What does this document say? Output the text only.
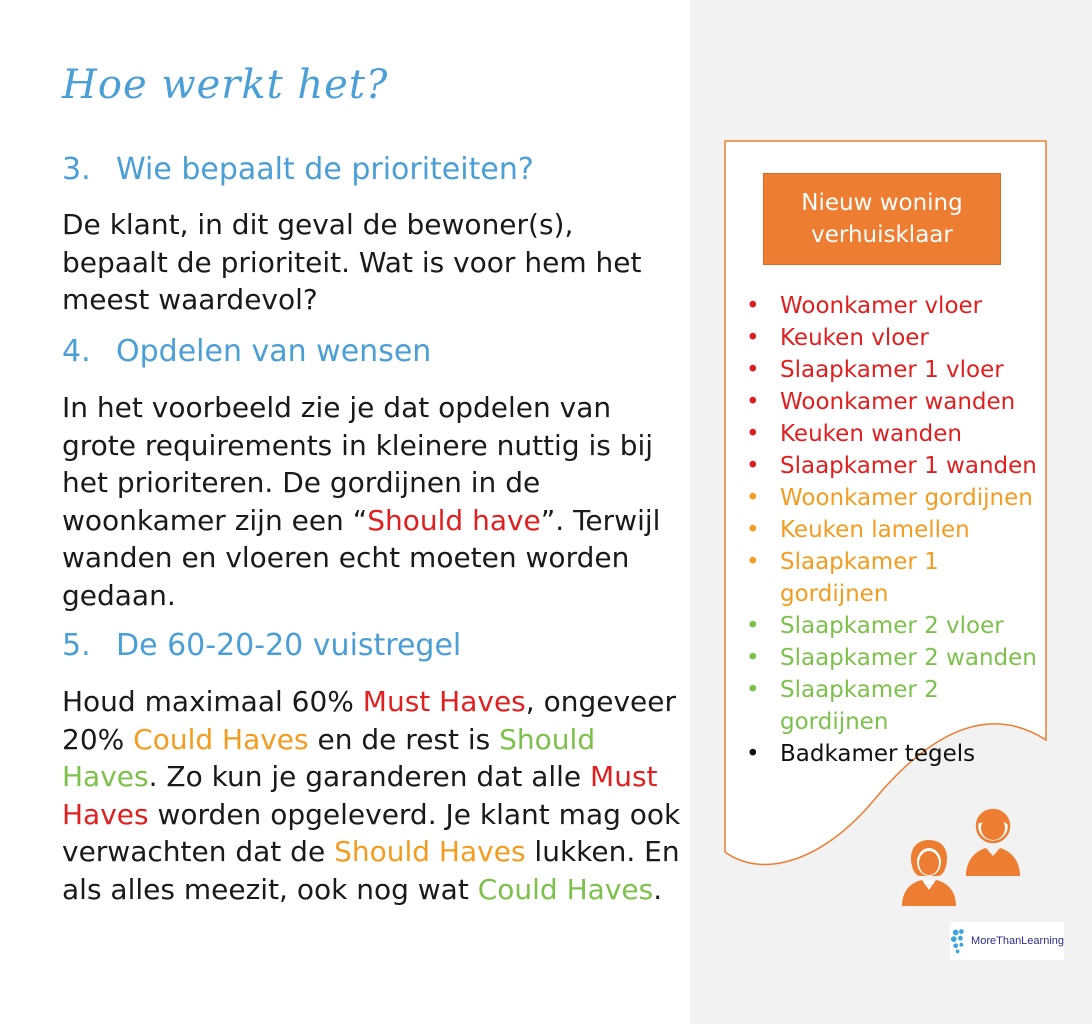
Hoe werkt het?
3. Wie bepaalt de prioriteiten?

De klant, in dit geval de bewoner(s), bepaalt de prioriteit. Wat is voor hem het meest waardevol?

4. Opdelen van wensen

In het voorbeeld zie je dat opdelen van grote requirements in kleinere nuttig is bij het prioriteren. De gordijnen in de woonkamer zijn een “Should have”. Terwijl wanden en vloeren echt moeten worden gedaan.

5. De 60-20-20 vuistregel

Houd maximaal 60% Must Haves, ongeveer 20% Could Haves en de rest is Should Haves. Zo kun je garanderen dat alle Must Haves worden opgeleverd. Je klant mag ook verwachten dat de Should Haves lukken. En als alles meezit, ook nog wat Could Haves.

Nieuw woning verhuisklaar
• Woonkamer vloer
• Keuken vloer
• Slaapkamer 1 vloer
• Woonkamer wanden
• Keuken wanden
• Slaapkamer 1 wanden
• Woonkamer gordijnen
• Keuken lamellen
• Slaapkamer 1 gordijnen
• Slaapkamer 2 vloer
• Slaapkamer 2 wanden
• Slaapkamer 2 gordijnen
• Badkamer tegels
MoreThanLearning
